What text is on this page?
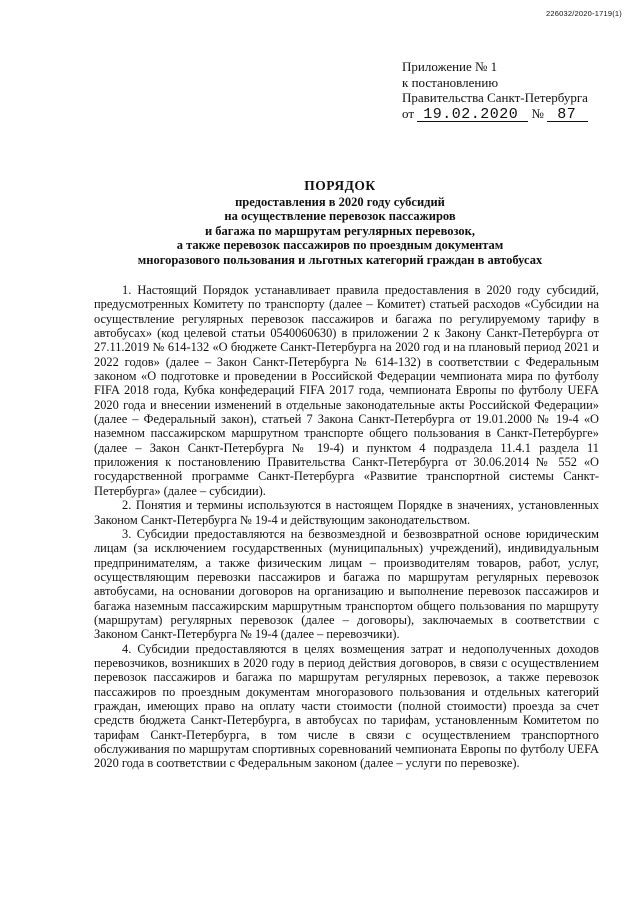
226032/2020-1719(1)
Приложение № 1
к постановлению
Правительства Санкт-Петербурга
от 19.02.2020 № 87
ПОРЯДОК
предоставления в 2020 году субсидий
на осуществление перевозок пассажиров
и багажа по маршрутам регулярных перевозок,
а также перевозок пассажиров по проездным документам
многоразового пользования и льготных категорий граждан в автобусах

1. Настоящий Порядок устанавливает правила предоставления в 2020 году субсидий, предусмотренных Комитету по транспорту (далее – Комитет) статьей расходов «Субсидии на осуществление регулярных перевозок пассажиров и багажа по регулируемому тарифу в автобусах» (код целевой статьи 0540060630) в приложении 2 к Закону Санкт-Петербурга от 27.11.2019 № 614-132 «О бюджете Санкт-Петербурга на 2020 год и на плановый период 2021 и 2022 годов» (далее – Закон Санкт-Петербурга № 614-132) в соответствии с Федеральным законом «О подготовке и проведении в Российской Федерации чемпионата мира по футболу FIFA 2018 года, Кубка конфедераций FIFA 2017 года, чемпионата Европы по футболу UEFA 2020 года и внесении изменений в отдельные законодательные акты Российской Федерации» (далее – Федеральный закон), статьей 7 Закона Санкт-Петербурга от 19.01.2000 № 19-4 «О наземном пассажирском маршрутном транспорте общего пользования в Санкт-Петербурге» (далее – Закон Санкт-Петербурга № 19-4) и пунктом 4 подраздела 11.4.1 раздела 11 приложения к постановлению Правительства Санкт-Петербурга от 30.06.2014 № 552 «О государственной программе Санкт-Петербурга «Развитие транспортной системы Санкт-Петербурга» (далее – субсидии).

2. Понятия и термины используются в настоящем Порядке в значениях, установленных Законом Санкт-Петербурга № 19-4 и действующим законодательством.

3. Субсидии предоставляются на безвозмездной и безвозвратной основе юридическим лицам (за исключением государственных (муниципальных) учреждений), индивидуальным предпринимателям, а также физическим лицам – производителям товаров, работ, услуг, осуществляющим перевозки пассажиров и багажа по маршрутам регулярных перевозок автобусами, на основании договоров на организацию и выполнение перевозок пассажиров и багажа наземным пассажирским маршрутным транспортом общего пользования по маршруту (маршрутам) регулярных перевозок (далее – договоры), заключаемых в соответствии с Законом Санкт-Петербурга № 19-4 (далее – перевозчики).

4. Субсидии предоставляются в целях возмещения затрат и недополученных доходов перевозчиков, возникших в 2020 году в период действия договоров, в связи с осуществлением перевозок пассажиров и багажа по маршрутам регулярных перевозок, а также перевозок пассажиров по проездным документам многоразового пользования и отдельных категорий граждан, имеющих право на оплату части стоимости (полной стоимости) проезда за счет средств бюджета Санкт-Петербурга, в автобусах по тарифам, установленным Комитетом по тарифам Санкт-Петербурга, в том числе в связи с осуществлением транспортного обслуживания по маршрутам спортивных соревнований чемпионата Европы по футболу UEFA 2020 года в соответствии с Федеральным законом (далее – услуги по перевозке).
